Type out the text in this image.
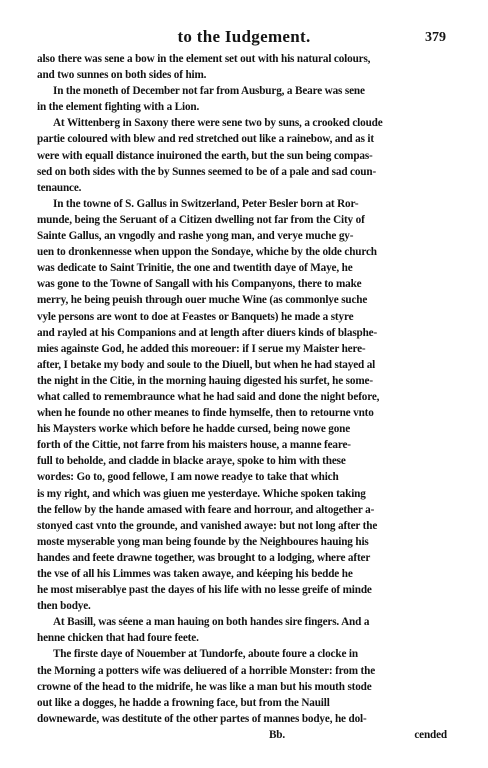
to the Iudgement.	379
also there was sene a bow in the element set out with his natural colours,
and two sunnes on both sides of him.
In the moneth of December not far from Ausburg, a Beare was sene
in the element fighting with a Lion.
At Wittenberg in Saxony there were sene two by suns, a crooked cloude
partie coloured with blew and red stretched out like a rainebow, and as it
were with equall distance inuironed the earth, but the sun being compas-
sed on both sides with the by Sunnes seemed to be of a pale and sad coun-
tenaunce.
In the towne of S. Gallus in Switzerland, Peter Besler born at Ror-
munde, being the Seruant of a Citizen dwelling not far from the City of
Sainte Gallus, an vngodly and rashe yong man, and verye muche gy-
uen to dronkennesse when uppon the Sondaye, whiche by the olde church
was dedicate to Saint Trinitie, the one and twentith daye of Maye, he
was gone to the Towne of Sangall with his Companyons, there to make
merry, he being peuish through ouer muche Wine (as commonlye suche
vyle persons are wont to doe at Feastes or Banquets) he made a styre
and rayled at his Companions and at length after diuers kinds of blasphe-
mies againste God, he added this moreouer: if I serue my Maister here-
after, I betake my body and soule to the Diuell, but when he had stayed al
the night in the Citie, in the morning hauing digested his surfet, he some-
what called to remembraunce what he had said and done the night before,
when he founde no other meanes to finde hymselfe, then to retourne vnto
his Maysters worke which before he hadde cursed, being nowe gone
forth of the Cittie, not farre from his maisters house, a manne feare-
full to beholde, and cladde in blacke araye, spoke to him with these
wordes: Go to, good fellowe, I am nowe readye to take that which
is my right, and which was giuen me yesterdaye. Whiche spoken taking
the fellow by the hande amased with feare and horrour, and altogether a-
stonyed cast vnto the grounde, and vanished awaye: but not long after the
moste myserable yong man being founde by the Neighboures hauing his
handes and feete drawne together, was brought to a lodging, where after
the vse of all his Limmes was taken awaye, and kéeping his bedde he
he most miserablye past the dayes of his life with no lesse greife of minde
then bodye.
At Basill, was séene a man hauing on both handes sire fingers. And a
henne chicken that had foure feete.
The firste daye of Nouember at Tundorfe, aboute foure a clocke in
the Morning a potters wife was deliuered of a horrible Monster: from the
crowne of the head to the midrife, he was like a man but his mouth stode
out like a dogges, he hadde a frowning face, but from the Nauill
downewarde, was destitute of the other partes of mannes bodye, he dol-
Bb.	cended
